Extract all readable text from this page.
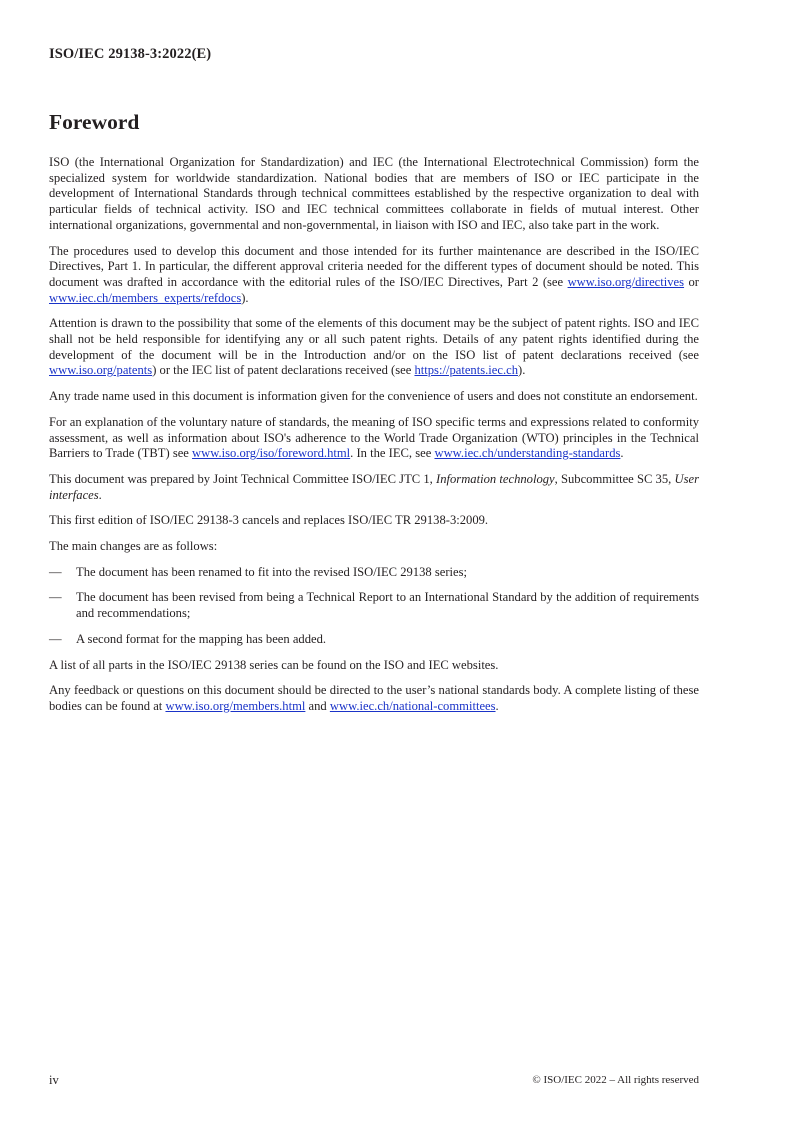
ISO/IEC 29138-3:2022(E)
Foreword

ISO (the International Organization for Standardization) and IEC (the International Electrotechnical Commission) form the specialized system for worldwide standardization. National bodies that are members of ISO or IEC participate in the development of International Standards through technical committees established by the respective organization to deal with particular fields of technical activity. ISO and IEC technical committees collaborate in fields of mutual interest. Other international organizations, governmental and non-governmental, in liaison with ISO and IEC, also take part in the work.

The procedures used to develop this document and those intended for its further maintenance are described in the ISO/IEC Directives, Part 1. In particular, the different approval criteria needed for the different types of document should be noted. This document was drafted in accordance with the editorial rules of the ISO/IEC Directives, Part 2 (see www.iso.org/directives or www.iec.ch/members_experts/refdocs).

Attention is drawn to the possibility that some of the elements of this document may be the subject of patent rights. ISO and IEC shall not be held responsible for identifying any or all such patent rights. Details of any patent rights identified during the development of the document will be in the Introduction and/or on the ISO list of patent declarations received (see www.iso.org/patents) or the IEC list of patent declarations received (see https://patents.iec.ch).

Any trade name used in this document is information given for the convenience of users and does not constitute an endorsement.

For an explanation of the voluntary nature of standards, the meaning of ISO specific terms and expressions related to conformity assessment, as well as information about ISO's adherence to the World Trade Organization (WTO) principles in the Technical Barriers to Trade (TBT) see www.iso.org/iso/foreword.html. In the IEC, see www.iec.ch/understanding-standards.

This document was prepared by Joint Technical Committee ISO/IEC JTC 1, Information technology, Subcommittee SC 35, User interfaces.

This first edition of ISO/IEC 29138-3 cancels and replaces ISO/IEC TR 29138-3:2009.

The main changes are as follows:

— The document has been renamed to fit into the revised ISO/IEC 29138 series;
— The document has been revised from being a Technical Report to an International Standard by the addition of requirements and recommendations;
— A second format for the mapping has been added.

A list of all parts in the ISO/IEC 29138 series can be found on the ISO and IEC websites.

Any feedback or questions on this document should be directed to the user’s national standards body. A complete listing of these bodies can be found at www.iso.org/members.html and www.iec.ch/national-committees.

iv	© ISO/IEC 2022 – All rights reserved
